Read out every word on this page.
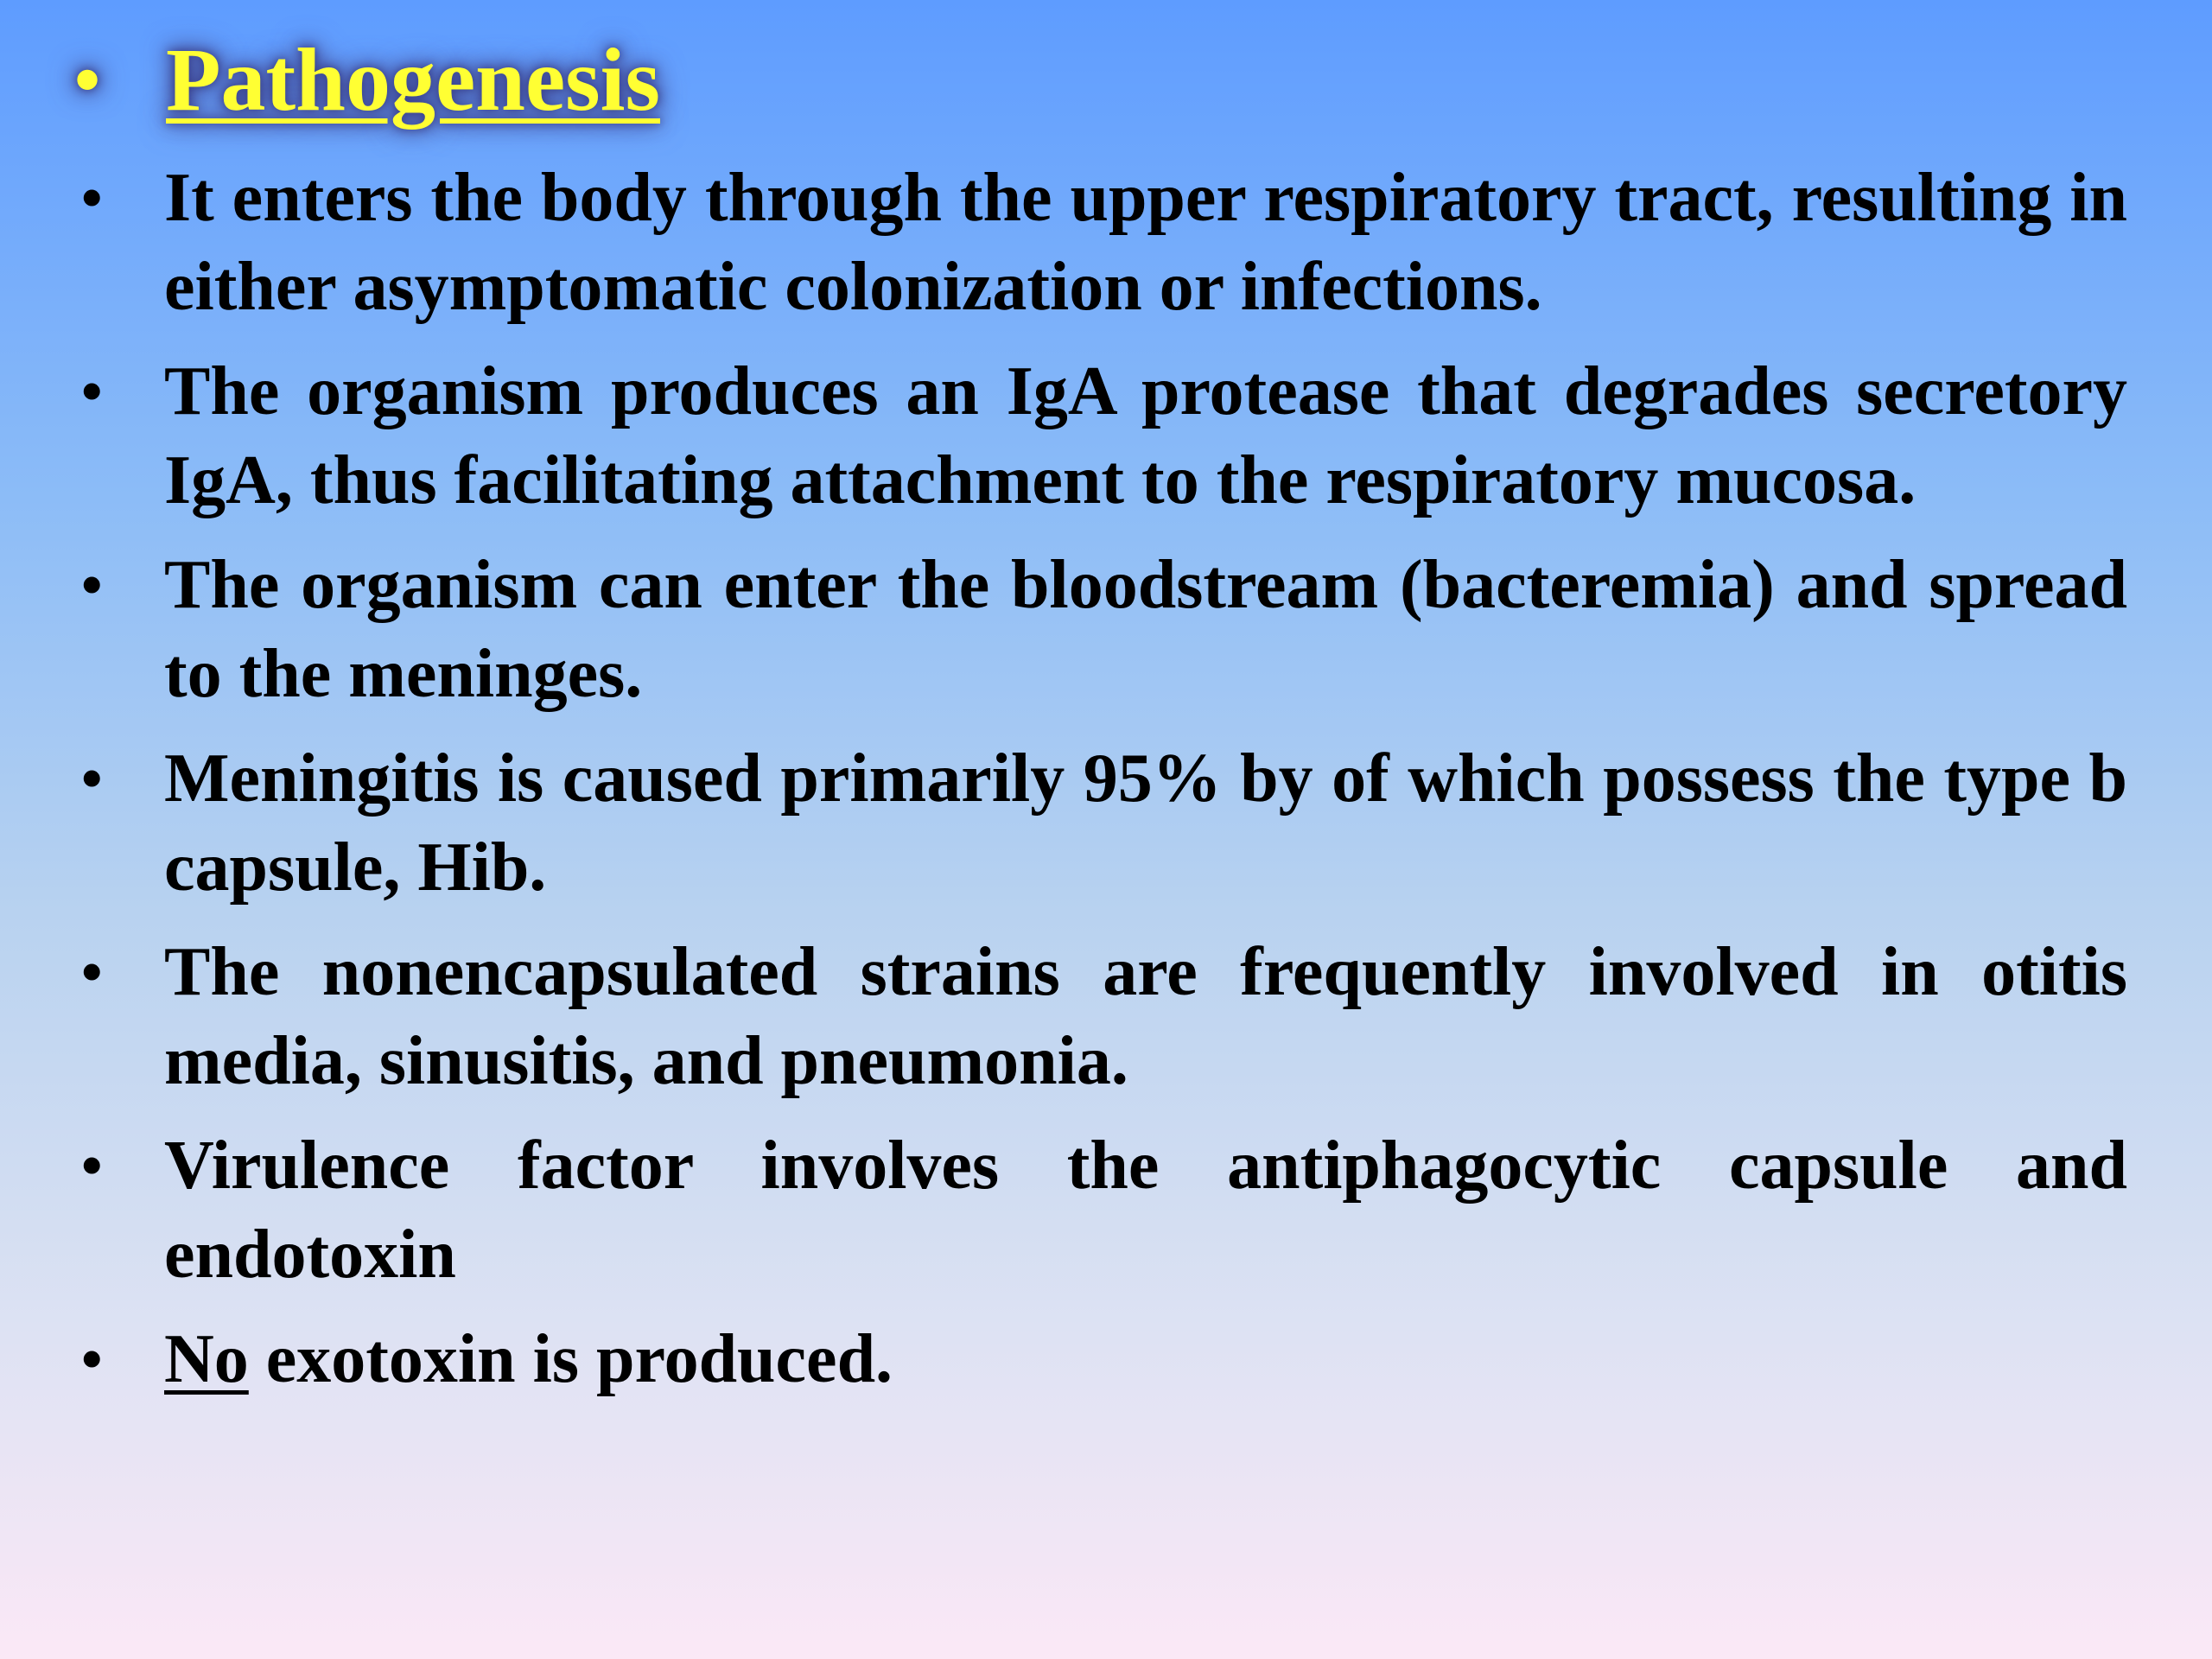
• Pathogenesis
• It enters the body through the upper respiratory tract, resulting in either asymptomatic colonization or infections.
• The organism produces an IgA protease that degrades secretory IgA, thus facilitating attachment to the respiratory mucosa.
• The organism can enter the bloodstream (bacteremia) and spread to the meninges.
• Meningitis is caused primarily 95% by of which possess the type b capsule, Hib.
• The nonencapsulated strains are frequently involved in otitis media, sinusitis, and pneumonia.
• Virulence factor involves the antiphagocytic capsule and endotoxin
• No exotoxin is produced.
